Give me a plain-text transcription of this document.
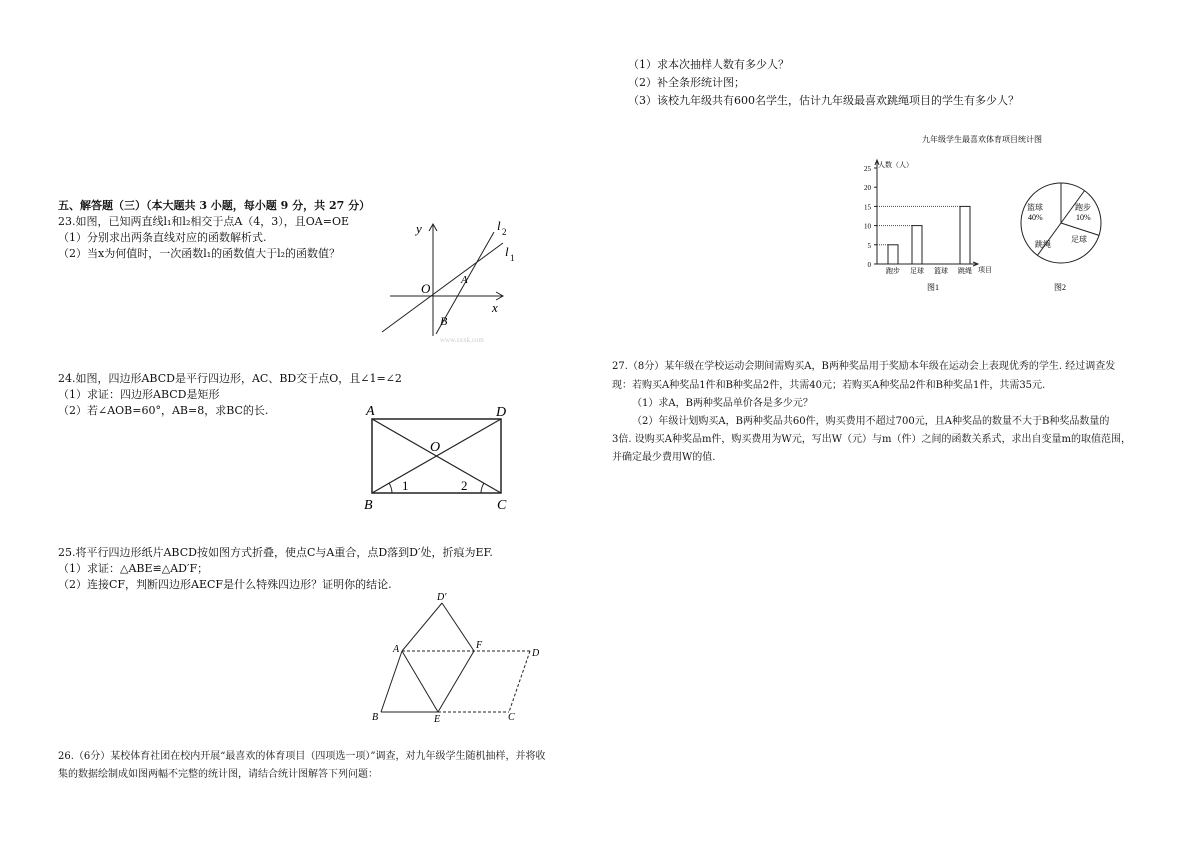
（1）求本次抽样人数有多少人？
（2）补全条形统计图；
（3）该校九年级共有600名学生，估计九年级最喜欢跳绳项目的学生有多少人？
五、解答题（三）（本大题共 3 小题，每小题 9 分，共 27 分）
23.如图，已知两直线l₁和l₂相交于点A（4，3），且OA=OE
（1）分别求出两条直线对应的函数解析式.
（2）当x为何值时，一次函数l₁的函数值大于l₂的函数值？
y
x
O
A
B
l 2
l 1
www.zxxk.com
24.如图，四边形ABCD是平行四边形，AC、BD交于点O，且∠1=∠2
（1）求证：四边形ABCD是矩形
（2）若∠AOB=60°，AB=8，求BC的长.	A	D
O
B	C
1	2
25.将平行四边形纸片ABCD按如图方式折叠，使点C与A重合，点D落到D′处，折痕为EF.
（1）求证：△ABE≌△AD′F；
（2）连接CF，判断四边形AECF是什么特殊四边形？证明你的结论.
D′
A	F
D
B	E	C
26.（6分）某校体育社团在校内开展“最喜欢的体育项目（四项选一项）”调查，对九年级学生随机抽样，并将收
集的数据绘制成如图两幅不完整的统计图，请结合统计图解答下列问题：
九年级学生最喜欢体育项目统计图
人数（人）
项目
0
5
10
15
20
25
跑步 足球 篮球 跳绳
图1
篮球
40%
跑步
10%
足球
跳绳
图2
27.（8分）某年级在学校运动会期间需购买A，B两种奖品用于奖励本年级在运动会上表现优秀的学生. 经过调查发
现：若购买A种奖品1件和B种奖品2件，共需40元；若购买A种奖品2件和B种奖品1件，共需35元.
（1）求A，B两种奖品单价各是多少元？
（2）年级计划购买A，B两种奖品共60件，购买费用不超过700元，且A种奖品的数量不大于B种奖品数量的
3倍. 设购买A种奖品m件，购买费用为W元，写出W（元）与m（件）之间的函数关系式，求出自变量m的取值范围，
并确定最少费用W的值.
